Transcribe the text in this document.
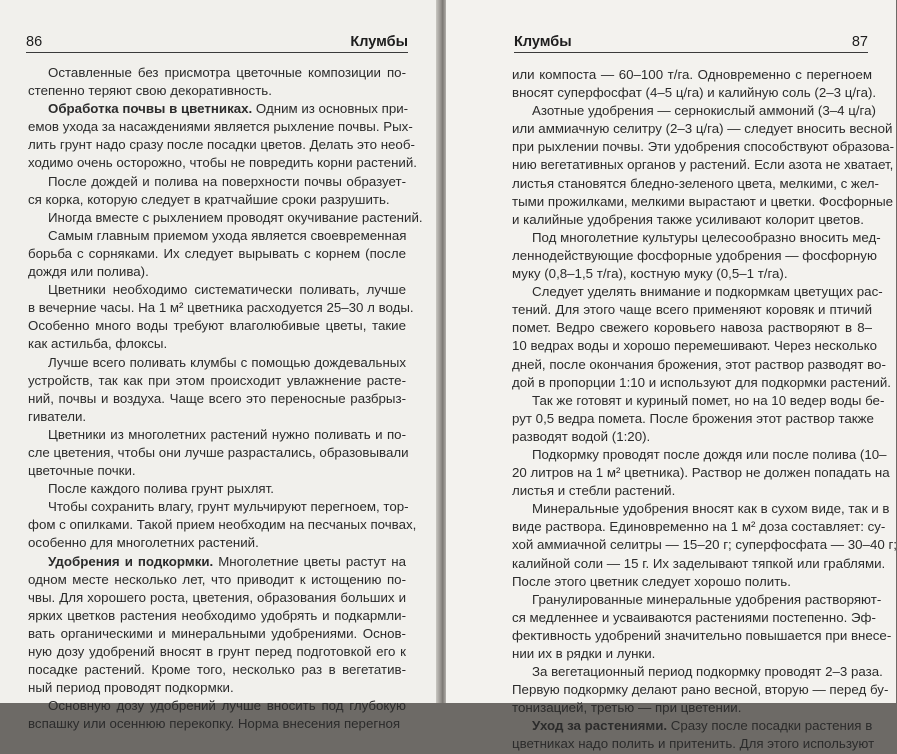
86	Клумбы
Оставленные без присмотра цветочные композиции по-
степенно теряют свою декоративность.
Обработка почвы в цветниках. Одним из основных при-
емов ухода за насаждениями является рыхление почвы. Рых-
лить грунт надо сразу после посадки цветов. Делать это необ-
ходимо очень осторожно, чтобы не повредить корни растений.
После дождей и полива на поверхности почвы образует-
ся корка, которую следует в кратчайшие сроки разрушить.
Иногда вместе с рыхлением проводят окучивание растений.
Самым главным приемом ухода является своевременная
борьба с сорняками. Их следует вырывать с корнем (после
дождя или полива).
Цветники необходимо систематически поливать, лучше
в вечерние часы. На 1 м² цветника расходуется 25–30 л воды.
Особенно много воды требуют влаголюбивые цветы, такие
как астильба, флоксы.
Лучше всего поливать клумбы с помощью дождевальных
устройств, так как при этом происходит увлажнение расте-
ний, почвы и воздуха. Чаще всего это переносные разбрыз-
гиватели.
Цветники из многолетних растений нужно поливать и по-
сле цветения, чтобы они лучше разрастались, образовывали
цветочные почки.
После каждого полива грунт рыхлят.
Чтобы сохранить влагу, грунт мульчируют перегноем, тор-
фом с опилками. Такой прием необходим на песчаных почвах,
особенно для многолетних растений.
Удобрения и подкормки. Многолетние цветы растут на
одном месте несколько лет, что приводит к истощению по-
чвы. Для хорошего роста, цветения, образования больших и
ярких цветков растения необходимо удобрять и подкармли-
вать органическими и минеральными удобрениями. Основ-
ную дозу удобрений вносят в грунт перед подготовкой его к
посадке растений. Кроме того, несколько раз в вегетатив-
ный период проводят подкормки.
Основную дозу удобрений лучше вносить под глубокую
вспашку или осеннюю перекопку. Норма внесения перегноя
Клумбы	87
или компоста — 60–100 т/га. Одновременно с перегноем
вносят суперфосфат (4–5 ц/га) и калийную соль (2–3 ц/га).
Азотные удобрения — сернокислый аммоний (3–4 ц/га)
или аммиачную селитру (2–3 ц/га) — следует вносить весной
при рыхлении почвы. Эти удобрения способствуют образова-
нию вегетативных органов у растений. Если азота не хватает,
листья становятся бледно-зеленого цвета, мелкими, с жел-
тыми прожилками, мелкими вырастают и цветки. Фосфорные
и калийные удобрения также усиливают колорит цветов.
Под многолетние культуры целесообразно вносить мед-
леннодействующие фосфорные удобрения — фосфорную
муку (0,8–1,5 т/га), костную муку (0,5–1 т/га).
Следует уделять внимание и подкормкам цветущих рас-
тений. Для этого чаще всего применяют коровяк и птичий
помет. Ведро свежего коровьего навоза растворяют в 8–
10 ведрах воды и хорошо перемешивают. Через несколько
дней, после окончания брожения, этот раствор разводят во-
дой в пропорции 1:10 и используют для подкормки растений.
Так же готовят и куриный помет, но на 10 ведер воды бе-
рут 0,5 ведра помета. После брожения этот раствор также
разводят водой (1:20).
Подкормку проводят после дождя или после полива (10–
20 литров на 1 м² цветника). Раствор не должен попадать на
листья и стебли растений.
Минеральные удобрения вносят как в сухом виде, так и в
виде раствора. Единовременно на 1 м² доза составляет: су-
хой аммиачной селитры — 15–20 г; суперфосфата — 30–40 г;
калийной соли — 15 г. Их заделывают тяпкой или граблями.
После этого цветник следует хорошо полить.
Гранулированные минеральные удобрения растворяют-
ся медленнее и усваиваются растениями постепенно. Эф-
фективность удобрений значительно повышается при внесе-
нии их в рядки и лунки.
За вегетационный период подкормку проводят 2–3 раза.
Первую подкормку делают рано весной, вторую — перед бу-
тонизацией, третью — при цветении.
Уход за растениями. Сразу после посадки растения в
цветниках надо полить и притенить. Для этого используют
